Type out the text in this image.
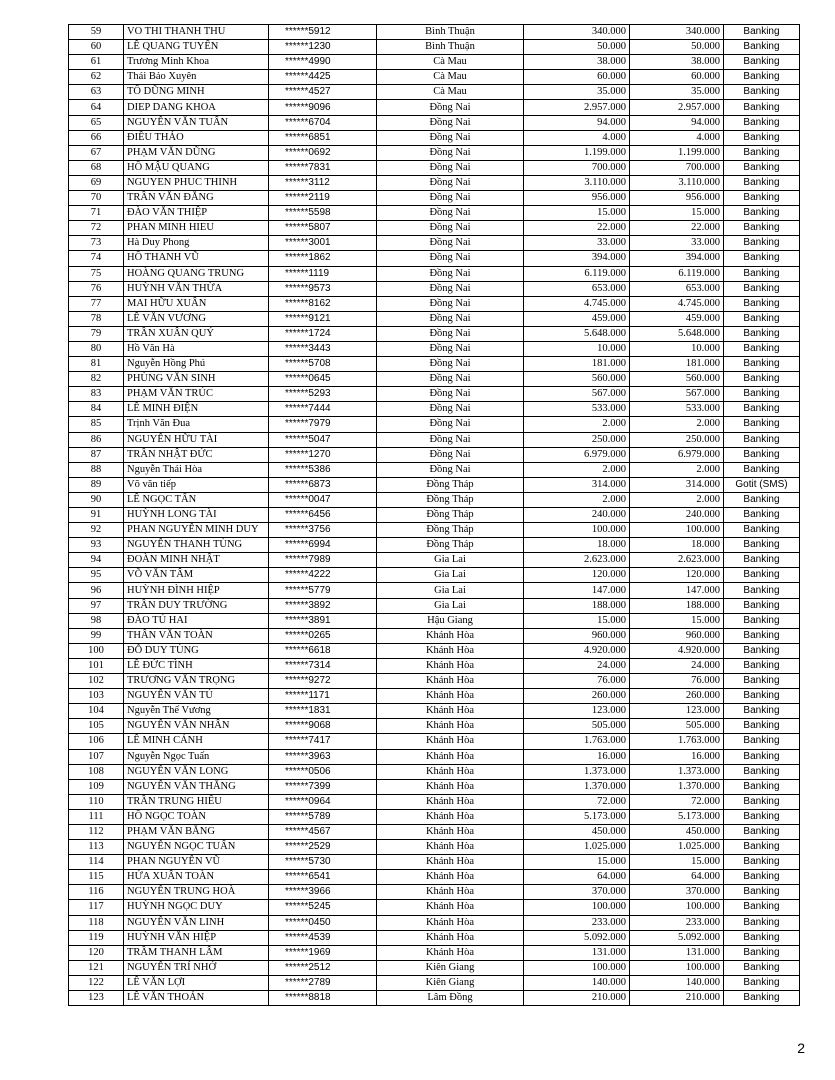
59	VO THI THANH THU	******5912	Bình Thuận	340.000	340.000	Banking
60	LÊ QUANG TUYẾN	******1230	Bình Thuận	50.000	50.000	Banking
61	Trương Minh Khoa	******4990	Cà Mau	38.000	38.000	Banking
62	Thái Bảo Xuyên	******4425	Cà Mau	60.000	60.000	Banking
63	TÔ DŨNG MINH	******4527	Cà Mau	35.000	35.000	Banking
64	DIEP DANG KHOA	******9096	Đồng Nai	2.957.000	2.957.000	Banking
65	NGUYỄN VĂN TUẤN	******6704	Đồng Nai	94.000	94.000	Banking
66	ĐIỀU THẢO	******6851	Đồng Nai	4.000	4.000	Banking
67	PHẠM VĂN DŨNG	******0692	Đồng Nai	1.199.000	1.199.000	Banking
68	HỒ MẬU QUANG	******7831	Đồng Nai	700.000	700.000	Banking
69	NGUYEN PHUC THINH	******3112	Đồng Nai	3.110.000	3.110.000	Banking
70	TRẦN VĂN ĐĂNG	******2119	Đồng Nai	956.000	956.000	Banking
71	ĐÀO VĂN THIỆP	******5598	Đồng Nai	15.000	15.000	Banking
72	PHAN MINH HIEU	******5807	Đồng Nai	22.000	22.000	Banking
73	Hà Duy Phong	******3001	Đồng Nai	33.000	33.000	Banking
74	HỒ THANH VŨ	******1862	Đồng Nai	394.000	394.000	Banking
75	HOÀNG QUANG TRUNG	******1119	Đồng Nai	6.119.000	6.119.000	Banking
76	HUỲNH VĂN THỪA	******9573	Đồng Nai	653.000	653.000	Banking
77	MAI HỮU XUÂN	******8162	Đồng Nai	4.745.000	4.745.000	Banking
78	LÊ VĂN VƯƠNG	******9121	Đồng Nai	459.000	459.000	Banking
79	TRẦN XUÂN QUÝ	******1724	Đồng Nai	5.648.000	5.648.000	Banking
80	Hồ Văn Hà	******3443	Đồng Nai	10.000	10.000	Banking
81	Nguyễn Hồng Phú	******5708	Đồng Nai	181.000	181.000	Banking
82	PHÙNG VĂN SINH	******0645	Đồng Nai	560.000	560.000	Banking
83	PHẠM VĂN TRÚC	******5293	Đồng Nai	567.000	567.000	Banking
84	LÊ MINH ĐIỆN	******7444	Đồng Nai	533.000	533.000	Banking
85	Trịnh Văn Đua	******7979	Đồng Nai	2.000	2.000	Banking
86	NGUYỄN HỮU TÀI	******5047	Đồng Nai	250.000	250.000	Banking
87	TRẦN NHẬT ĐỨC	******1270	Đồng Nai	6.979.000	6.979.000	Banking
88	Nguyễn Thái Hòa	******5386	Đồng Nai	2.000	2.000	Banking
89	Võ văn tiếp	******6873	Đồng Tháp	314.000	314.000	Gotit (SMS)
90	LÊ NGỌC TẤN	******0047	Đồng Tháp	2.000	2.000	Banking
91	HUỲNH LONG TÀI	******6456	Đồng Tháp	240.000	240.000	Banking
92	PHAN NGUYỄN MINH DUY	******3756	Đồng Tháp	100.000	100.000	Banking
93	NGUYỄN THANH TÙNG	******6994	Đồng Tháp	18.000	18.000	Banking
94	ĐOÀN MINH NHẬT	******7989	Gia Lai	2.623.000	2.623.000	Banking
95	VÕ VĂN TÂM	******4222	Gia Lai	120.000	120.000	Banking
96	HUỲNH ĐÌNH HIỆP	******5779	Gia Lai	147.000	147.000	Banking
97	TRẦN DUY TRƯỜNG	******3892	Gia Lai	188.000	188.000	Banking
98	ĐÀO TÚ HAI	******3891	Hậu Giang	15.000	15.000	Banking
99	THÂN VĂN TOÀN	******0265	Khánh Hòa	960.000	960.000	Banking
100	ĐỖ DUY TÙNG	******6618	Khánh Hòa	4.920.000	4.920.000	Banking
101	LÊ ĐỨC TÌNH	******7314	Khánh Hòa	24.000	24.000	Banking
102	TRƯƠNG VĂN TRỌNG	******9272	Khánh Hòa	76.000	76.000	Banking
103	NGUYỄN VĂN TÚ	******1171	Khánh Hòa	260.000	260.000	Banking
104	Nguyễn Thế Vương	******1831	Khánh Hòa	123.000	123.000	Banking
105	NGUYỄN VĂN NHÂN	******9068	Khánh Hòa	505.000	505.000	Banking
106	LÊ MINH CẢNH	******7417	Khánh Hòa	1.763.000	1.763.000	Banking
107	Nguyễn Ngọc Tuấn	******3963	Khánh Hòa	16.000	16.000	Banking
108	NGUYỄN VĂN LONG	******0506	Khánh Hòa	1.373.000	1.373.000	Banking
109	NGUYỄN VĂN THẮNG	******7399	Khánh Hòa	1.370.000	1.370.000	Banking
110	TRẦN TRUNG HIẾU	******0964	Khánh Hòa	72.000	72.000	Banking
111	HỒ NGỌC TOÀN	******5789	Khánh Hòa	5.173.000	5.173.000	Banking
112	PHẠM VĂN BẰNG	******4567	Khánh Hòa	450.000	450.000	Banking
113	NGUYỄN NGỌC TUẤN	******2529	Khánh Hòa	1.025.000	1.025.000	Banking
114	PHAN NGUYỄN VŨ	******5730	Khánh Hòa	15.000	15.000	Banking
115	HỨA XUÂN TOÀN	******6541	Khánh Hòa	64.000	64.000	Banking
116	NGUYỄN TRUNG HOÀ	******3966	Khánh Hòa	370.000	370.000	Banking
117	HUỲNH NGỌC DUY	******5245	Khánh Hòa	100.000	100.000	Banking
118	NGUYỄN VĂN LINH	******0450	Khánh Hòa	233.000	233.000	Banking
119	HUỲNH VĂN HIỆP	******4539	Khánh Hòa	5.092.000	5.092.000	Banking
120	TRẦM THANH LÂM	******1969	Khánh Hòa	131.000	131.000	Banking
121	NGUYỄN TRÍ NHỚ	******2512	Kiên Giang	100.000	100.000	Banking
122	LÊ VĂN LỢI	******2789	Kiên Giang	140.000	140.000	Banking
123	LÊ VĂN THOẢN	******8818	Lâm Đồng	210.000	210.000	Banking
2
